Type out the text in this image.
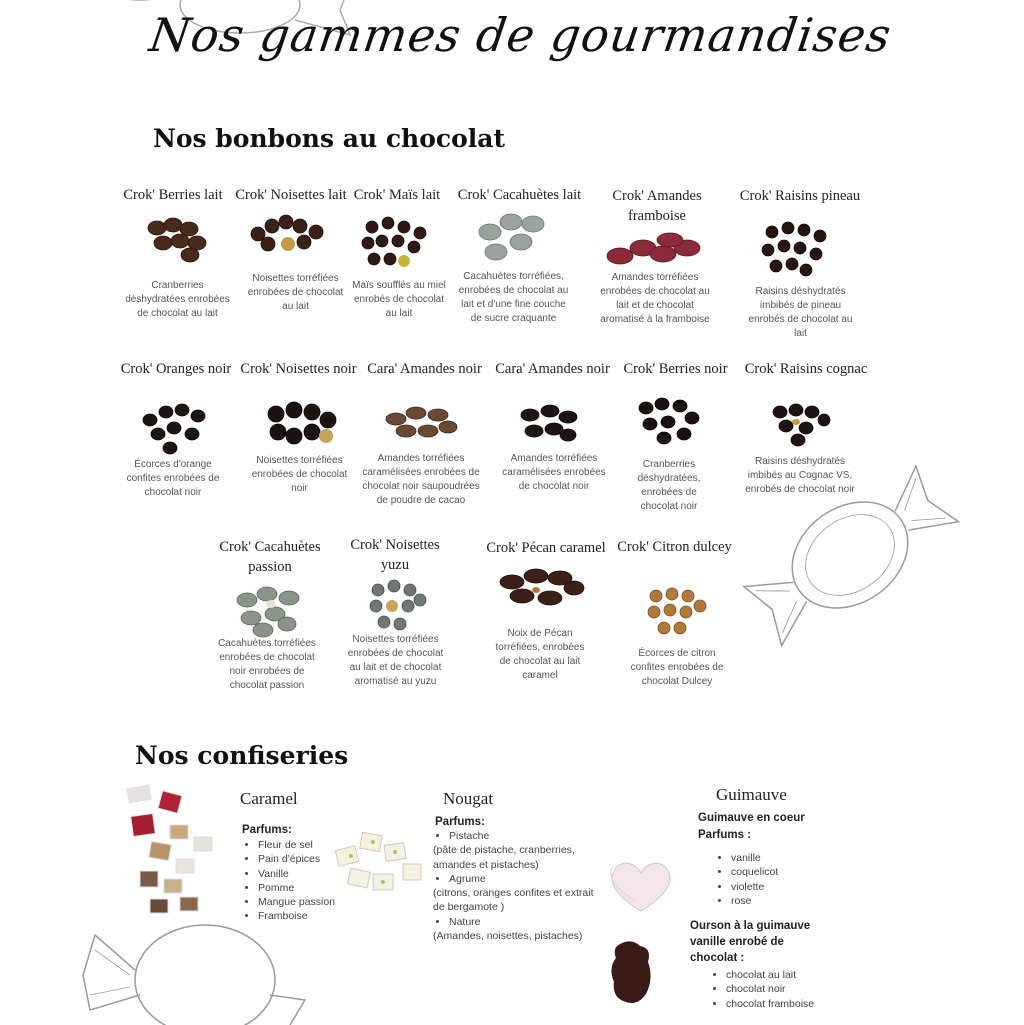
Nos gammes de gourmandises
Nos bonbons au chocolat
Crok' Berries lait
Cranberries déshydratées enrobées de chocolat au lait
Crok' Noisettes lait
Noisettes torréfiées enrobées de chocolat au lait
Crok' Maïs lait
Maïs soufflés au miel enrobés de chocolat au lait
Crok' Cacahuètes lait
Cacahuètes torréfiées, enrobées de chocolat au lait et d'une fine couche de sucre craquante
Crok' Amandes framboise
Amandes torréfiées enrobées de chocolat au lait et de chocolat aromatisé à la framboise
Crok' Raisins pineau
Raisins déshydratés imbibés de pineau enrobés de chocolat au lait
Crok' Oranges noir
Écorces d'orange confites enrobées de chocolat noir
Crok' Noisettes noir
Noisettes torréfiées enrobées de chocolat noir
Cara' Amandes noir
Amandes torréfiées caramélisées enrobées de chocolat noir saupoudrées de poudre de cacao
Cara' Amandes noir
Amandes torréfiées caramélisées enrobées de chocolat noir
Crok' Berries noir
Cranberries déshydratées, enrobées de chocolat noir
Crok' Raisins cognac
Raisins déshydratés imbibés au Cognac VS, enrobés de chocolat noir
Crok' Cacahuètes passion
Cacahuètes torréfiées enrobées de chocolat noir enrobées de chocolat passion
Crok' Noisettes yuzu
Noisettes torréfiées enrobées de chocolat au lait et de chocolat aromatisé au yuzu
Crok' Pécan caramel
Noix de Pécan torréfiées, enrobées de chocolat au lait caramel
Crok' Citron dulcey
Écorces de citron confites enrobées de chocolat Dulcey
Nos confiseries
Caramel
Parfums:
• Fleur de sel
• Pain d'épices
• Vanille
• Pomme
• Mangue passion
• Framboise
Nougat
Parfums:
• Pistache
(pâte de pistache, cranberries, amandes et pistaches)
• Agrume
(citrons, oranges confites et extrait de bergamote )
• Nature
(Amandes, noisettes, pistaches)
Guimauve
Guimauve en coeur
Parfums :
• vanille
• coquelicot
• violette
• rose
Ourson à la guimauve vanille enrobé de chocolat :
• chocolat au lait
• chocolat noir
• chocolat framboise
